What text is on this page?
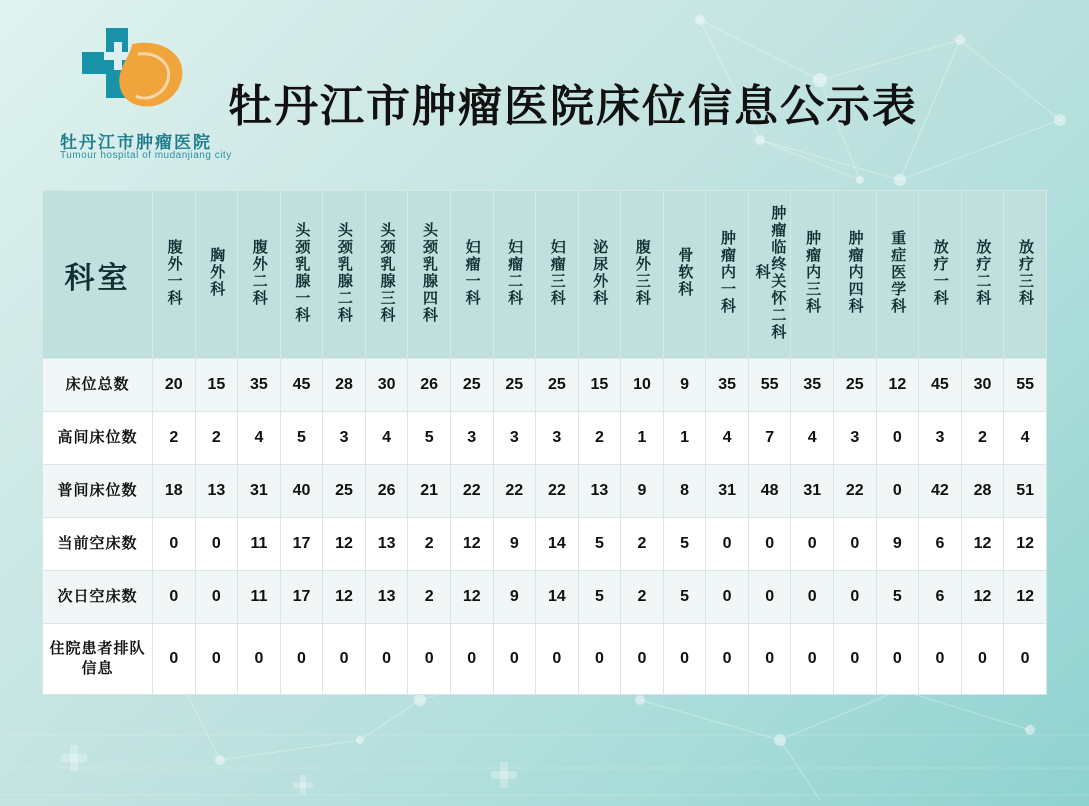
牡丹江市肿瘤医院
Tumour hospital of mudanjiang city
牡丹江市肿瘤医院床位信息公示表
科室	腹外一科	胸外科	腹外二科	头颈乳腺一科	头颈乳腺二科	头颈乳腺三科	头颈乳腺四科	妇瘤一科	妇瘤二科	妇瘤三科	泌尿外科	腹外三科	骨软科	肿瘤内一科	肿瘤临终关怀二科科	肿瘤内三科	肿瘤内四科	重症医学科	放疗一科	放疗二科	放疗三科
床位总数	20	15	35	45	28	30	26	25	25	25	15	10	9	35	55	35	25	12	45	30	55
高间床位数	2	2	4	5	3	4	5	3	3	3	2	1	1	4	7	4	3	0	3	2	4
普间床位数	18	13	31	40	25	26	21	22	22	22	13	9	8	31	48	31	22	0	42	28	51
当前空床数	0	0	11	17	12	13	2	12	9	14	5	2	5	0	0	0	0	9	6	12	12
次日空床数	0	0	11	17	12	13	2	12	9	14	5	2	5	0	0	0	0	5	6	12	12
住院患者排队信息	0	0	0	0	0	0	0	0	0	0	0	0	0	0	0	0	0	0	0	0	0
